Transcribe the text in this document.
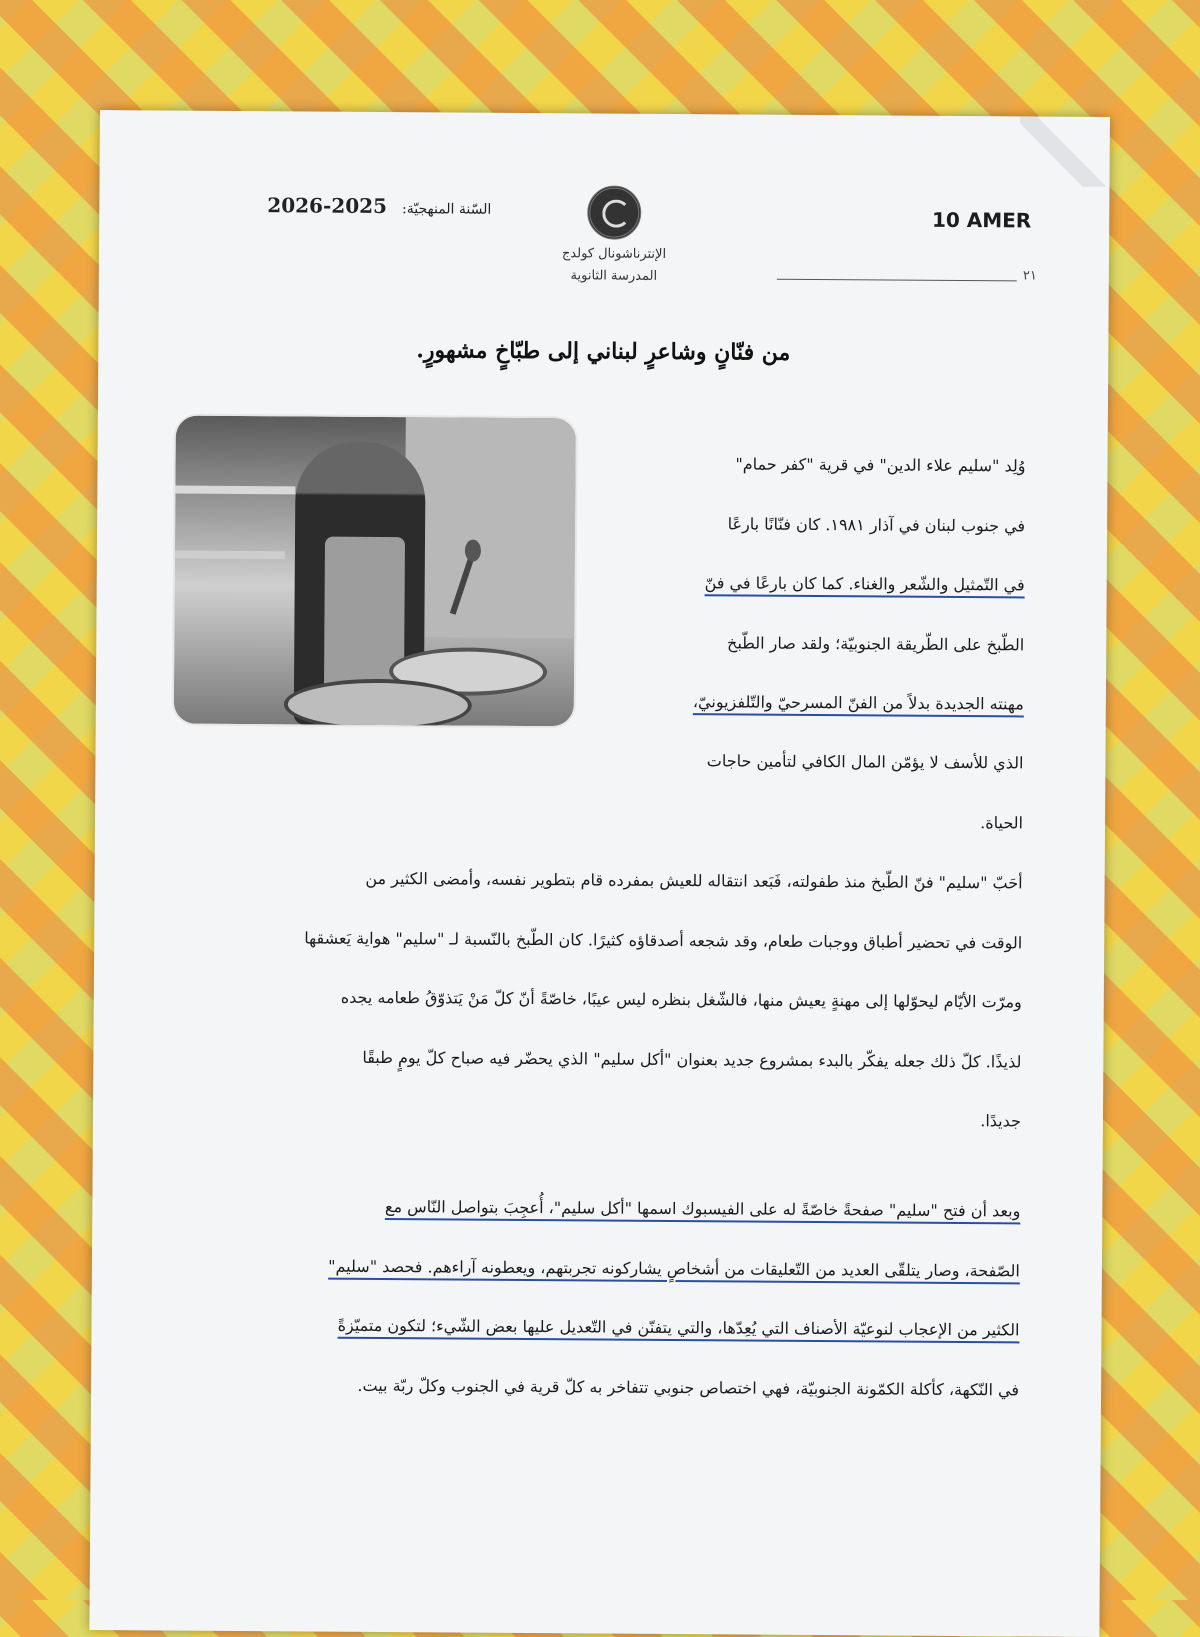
10 AMER
٢١
الإنترناشونال كولدج
المدرسة الثانوية
السّنة المنهجيّة: 2025-2026
من فنّانٍ وشاعرٍ لبناني إلى طبّاخٍ مشهورٍ.
وُلِد "سليم علاء الدين" في قرية "كفر حمام"
في جنوب لبنان في آذار ١٩٨١. كان فنّانًا بارعًا
في التّمثيل والشّعر والغناء. كما كان بارعًا في فنّ
الطّبخ على الطّريقة الجنوبيّة؛ ولقد صار الطّبخ
مهنته الجديدة بدلاً من الفنّ المسرحيّ والتّلفزيونيّ،
الذي للأسف لا يؤمّن المال الكافي لتأمين حاجات
الحياة.
أحَبّ "سليم" فنّ الطّبخ منذ طفولته، فَبَعد انتقاله للعيش بمفرده قام بتطوير نفسه، وأمضى الكثير من
الوقت في تحضير أطباق ووجبات طعام، وقد شجعه أصدقاؤه كثيرًا. كان الطّبخ بالنّسبة لـ "سليم" هواية يَعشقها
ومرّت الأيّام ليحوّلها إلى مهنةٍ يعيش منها، فالشّغل بنظره ليس عيبًا، خاصّةً أنّ كلّ مَنْ يَتذوّقُ طعامه يجده
لذيذًا. كلّ ذلك جعله يفكّر بالبدء بمشروع جديد بعنوان "أكل سليم" الذي يحضّر فيه صباح كلّ يومٍ طبقًا
جديدًا.
وبعد أن فتح "سليم" صفحةً خاصّةً له على الفيسبوك اسمها "أكل سليم"، أُعجِبَ بتواصل النّاس مع
الصّفحة، وصار يتلقّى العديد من التّعليقات من أشخاصٍ يشاركونه تجربتهم، ويعطونه آراءهم. فحصد "سليم"
الكثير من الإعجاب لنوعيّة الأصناف التي يُعِدّها، والتي يتفنّن في التّعديل عليها بعض الشّيء؛ لتكون متميّزةً
في النّكهة، كأكلة الكمّونة الجنوبيّة، فهي اختصاص جنوبي تتفاخر به كلّ قرية في الجنوب وكلّ ربّة بيت.
